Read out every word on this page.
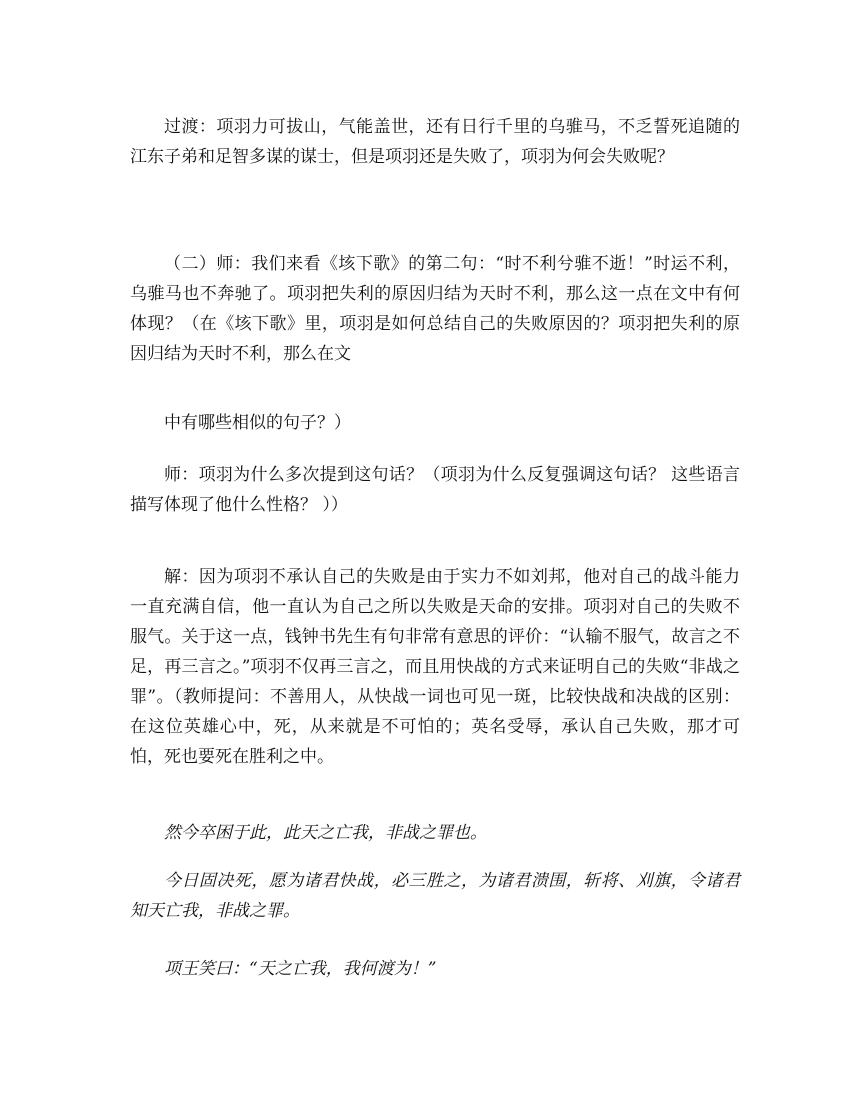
过渡：项羽力可拔山，气能盖世，还有日行千里的乌骓马，不乏誓死追随的江东子弟和足智多谋的谋士，但是项羽还是失败了，项羽为何会失败呢？

（二）师：我们来看《垓下歌》的第二句：“时不利兮骓不逝！”时运不利，乌骓马也不奔驰了。项羽把失利的原因归结为天时不利，那么这一点在文中有何体现？（在《垓下歌》里，项羽是如何总结自己的失败原因的？项羽把失利的原因归结为天时不利，那么在文

中有哪些相似的句子？）

师：项羽为什么多次提到这句话？（项羽为什么反复强调这句话？ 这些语言描写体现了他什么性格？ ））

解：因为项羽不承认自己的失败是由于实力不如刘邦，他对自己的战斗能力一直充满自信，他一直认为自己之所以失败是天命的安排。项羽对自己的失败不服气。关于这一点，钱钟书先生有句非常有意思的评价：“认输不服气，故言之不足，再三言之。”项羽不仅再三言之，而且用快战的方式来证明自己的失败“非战之罪”。（教师提问：不善用人，从快战一词也可见一斑，比较快战和决战的区别：在这位英雄心中，死，从来就是不可怕的；英名受辱，承认自己失败，那才可怕，死也要死在胜利之中。

然今卒困于此，此天之亡我，非战之罪也。

今日固决死，愿为诸君快战，必三胜之，为诸君溃围，斩将、刈旗，令诸君知天亡我，非战之罪。

项王笑曰：“天之亡我，我何渡为！”
